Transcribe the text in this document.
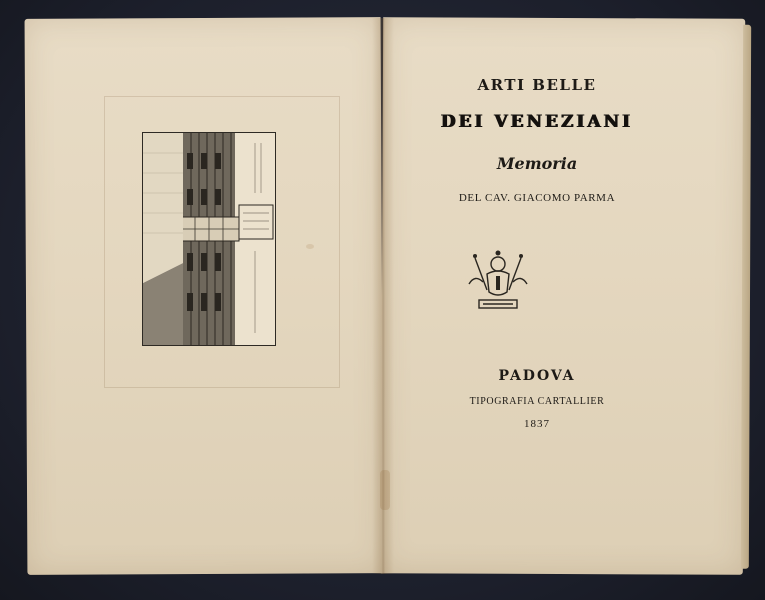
ARTI BELLE
DEI VENEZIANI
Memoria
DEL CAV. GIACOMO PARMA
PADOVA
TIPOGRAFIA CARTALLIER
1837
